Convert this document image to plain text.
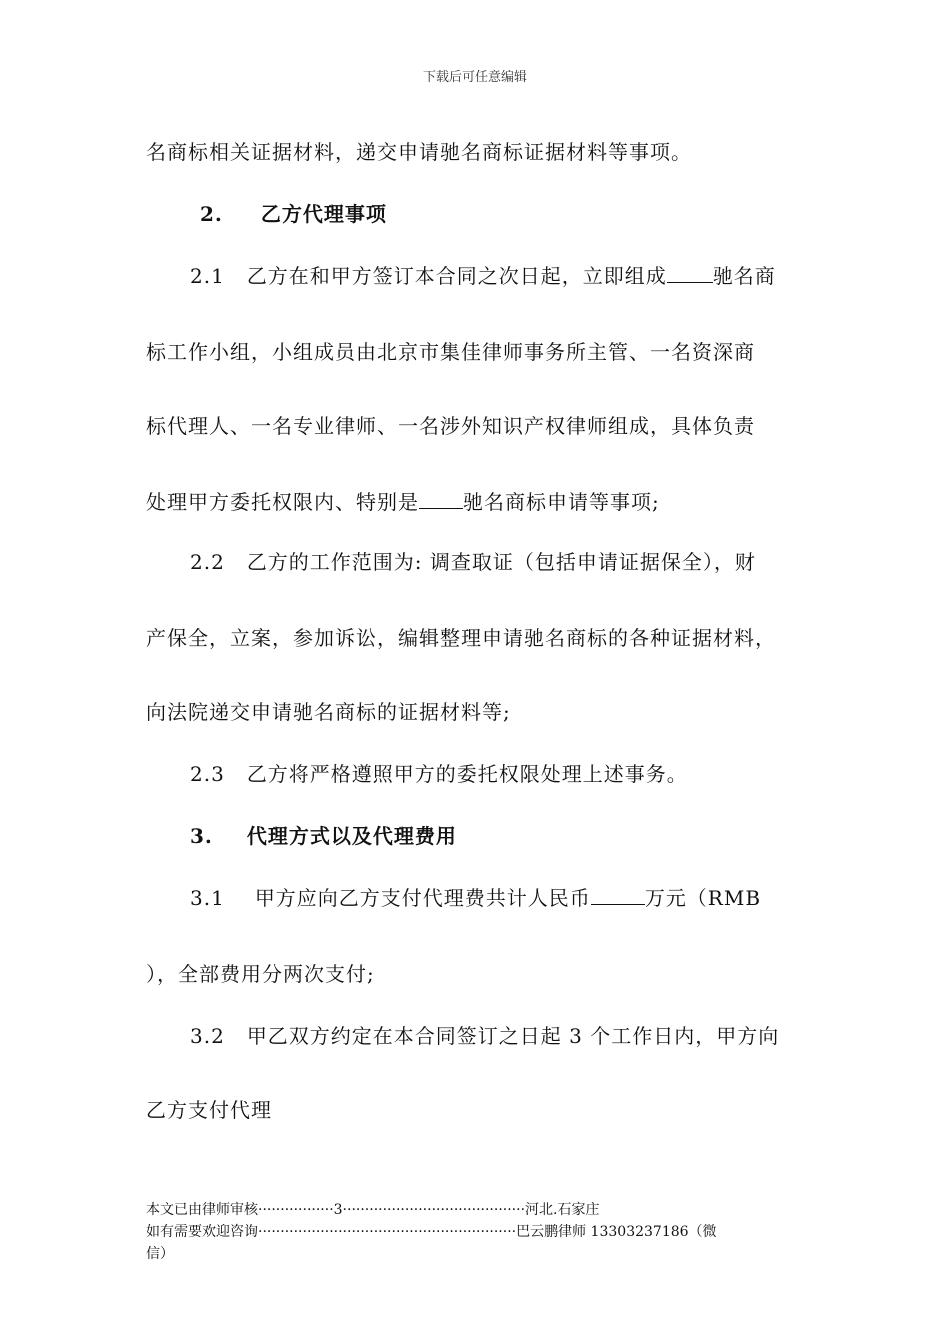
下载后可任意编辑
名商标相关证据材料，递交申请驰名商标证据材料等事项。
2. 乙方代理事项
2.1 乙方在和甲方签订本合同之次日起，立即组成 驰名商
标工作小组，小组成员由北京市集佳律师事务所主管、一名资深商
标代理人、一名专业律师、一名涉外知识产权律师组成，具体负责
处理甲方委托权限内、特别是 驰名商标申请等事项;
2.2 乙方的工作范围为: 调查取证（包括申请证据保全），财
产保全，立案，参加诉讼，编辑整理申请驰名商标的各种证据材料，
向法院递交申请驰名商标的证据材料等;
2.3 乙方将严格遵照甲方的委托权限处理上述事务。
3. 代理方式以及代理费用
3.1 甲方应向乙方支付代理费共计人民币	万元（RMB
），全部费用分两次支付;
3.2 甲乙双方约定在本合同签订之日起 3 个工作日内，甲方向
乙方支付代理
本文已由律师审核·················3·········································河北.石家庄
如有需要欢迎咨询··························································巴云鹏律师 13303237186（微
信）
